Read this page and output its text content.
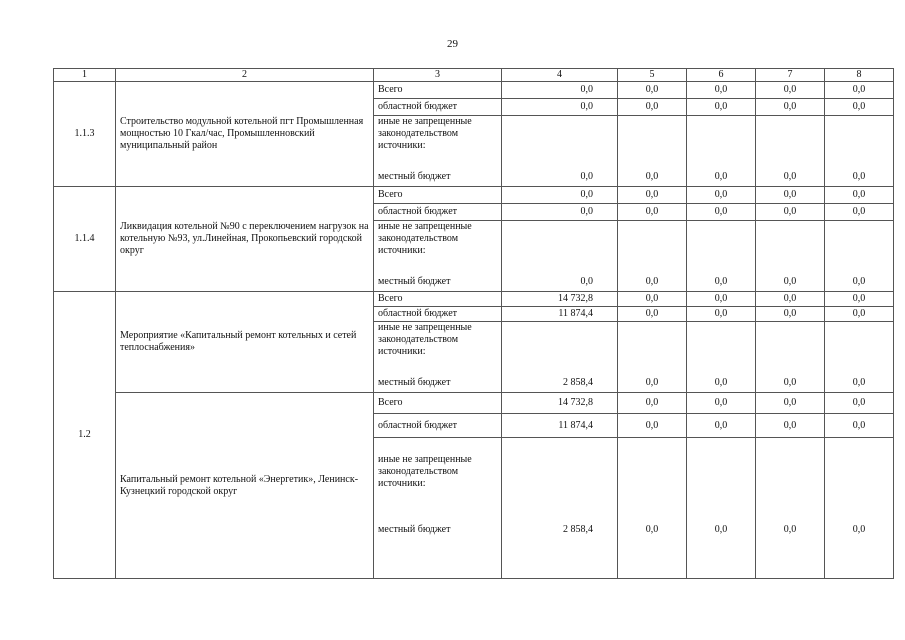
29
1	2	3	4	5	6	7	8
1.1.3	Строительство модульной котельной пгт Промышленная мощностью 10 Гкал/час, Промышленновский муниципальный район	Всего	0,0	0,0	0,0	0,0	0,0
		областной бюджет	0,0	0,0	0,0	0,0	0,0
		иные не запрещенные законодательством источники:					
		местный бюджет	0,0	0,0	0,0	0,0	0,0
1.1.4	Ликвидация котельной №90 с переключением нагрузок на котельную №93, ул.Линейная, Прокопьевский городской округ	Всего	0,0	0,0	0,0	0,0	0,0
		областной бюджет	0,0	0,0	0,0	0,0	0,0
		иные не запрещенные законодательством источники:					
		местный бюджет	0,0	0,0	0,0	0,0	0,0
1.2	Мероприятие «Капитальный ремонт котельных и сетей теплоснабжения»	Всего	14 732,8	0,0	0,0	0,0	0,0
		областной бюджет	11 874,4	0,0	0,0	0,0	0,0
		иные не запрещенные законодательством источники:					
		местный бюджет	2 858,4	0,0	0,0	0,0	0,0
	Капитальный ремонт котельной «Энергетик», Ленинск-Кузнецкий городской округ	Всего	14 732,8	0,0	0,0	0,0	0,0
		областной бюджет	11 874,4	0,0	0,0	0,0	0,0
		иные не запрещенные законодательством источники:					
		местный бюджет	2 858,4	0,0	0,0	0,0	0,0
